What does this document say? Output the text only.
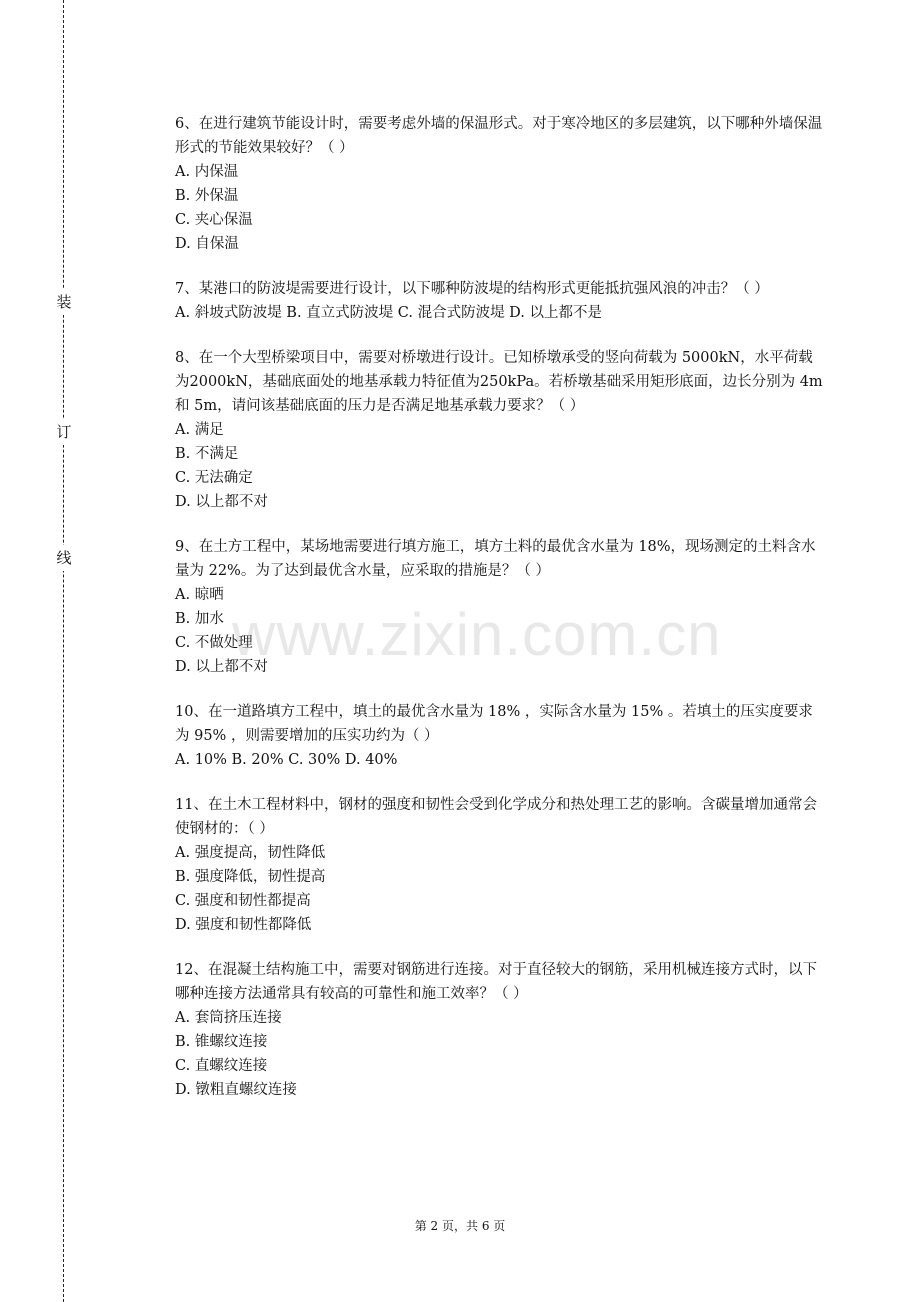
装
订
线

6、在进行建筑节能设计时，需要考虑外墙的保温形式。对于寒冷地区的多层建筑，以下哪种外墙保温形式的节能效果较好？（ ）

A. 内保温

B. 外保温

C. 夹心保温

D. 自保温

7、某港口的防波堤需要进行设计，以下哪种防波堤的结构形式更能抵抗强风浪的冲击？（ ）

A. 斜坡式防波堤 B. 直立式防波堤 C. 混合式防波堤 D. 以上都不是

8、在一个大型桥梁项目中，需要对桥墩进行设计。已知桥墩承受的竖向荷载为 5000kN，水平荷载为2000kN，基础底面处的地基承载力特征值为250kPa。若桥墩基础采用矩形底面，边长分别为 4m 和 5m，请问该基础底面的压力是否满足地基承载力要求？（ ）

A. 满足

B. 不满足

C. 无法确定

D. 以上都不对

9、在土方工程中，某场地需要进行填方施工，填方土料的最优含水量为 18%，现场测定的土料含水量为 22%。为了达到最优含水量，应采取的措施是？（ ）

A. 晾晒

B. 加水

C. 不做处理

D. 以上都不对

10、在一道路填方工程中，填土的最优含水量为 18% ，实际含水量为 15% 。若填土的压实度要求为 95% ，则需要增加的压实功约为（ ）

A. 10% B. 20% C. 30% D. 40%

11、在土木工程材料中，钢材的强度和韧性会受到化学成分和热处理工艺的影响。含碳量增加通常会使钢材的：（ ）

A. 强度提高，韧性降低

B. 强度降低，韧性提高

C. 强度和韧性都提高

D. 强度和韧性都降低

12、在混凝土结构施工中，需要对钢筋进行连接。对于直径较大的钢筋，采用机械连接方式时，以下哪种连接方法通常具有较高的可靠性和施工效率？（ ）

A. 套筒挤压连接

B. 锥螺纹连接

C. 直螺纹连接

D. 镦粗直螺纹连接

www.zixin.com.cn
第 2 页，共 6 页
